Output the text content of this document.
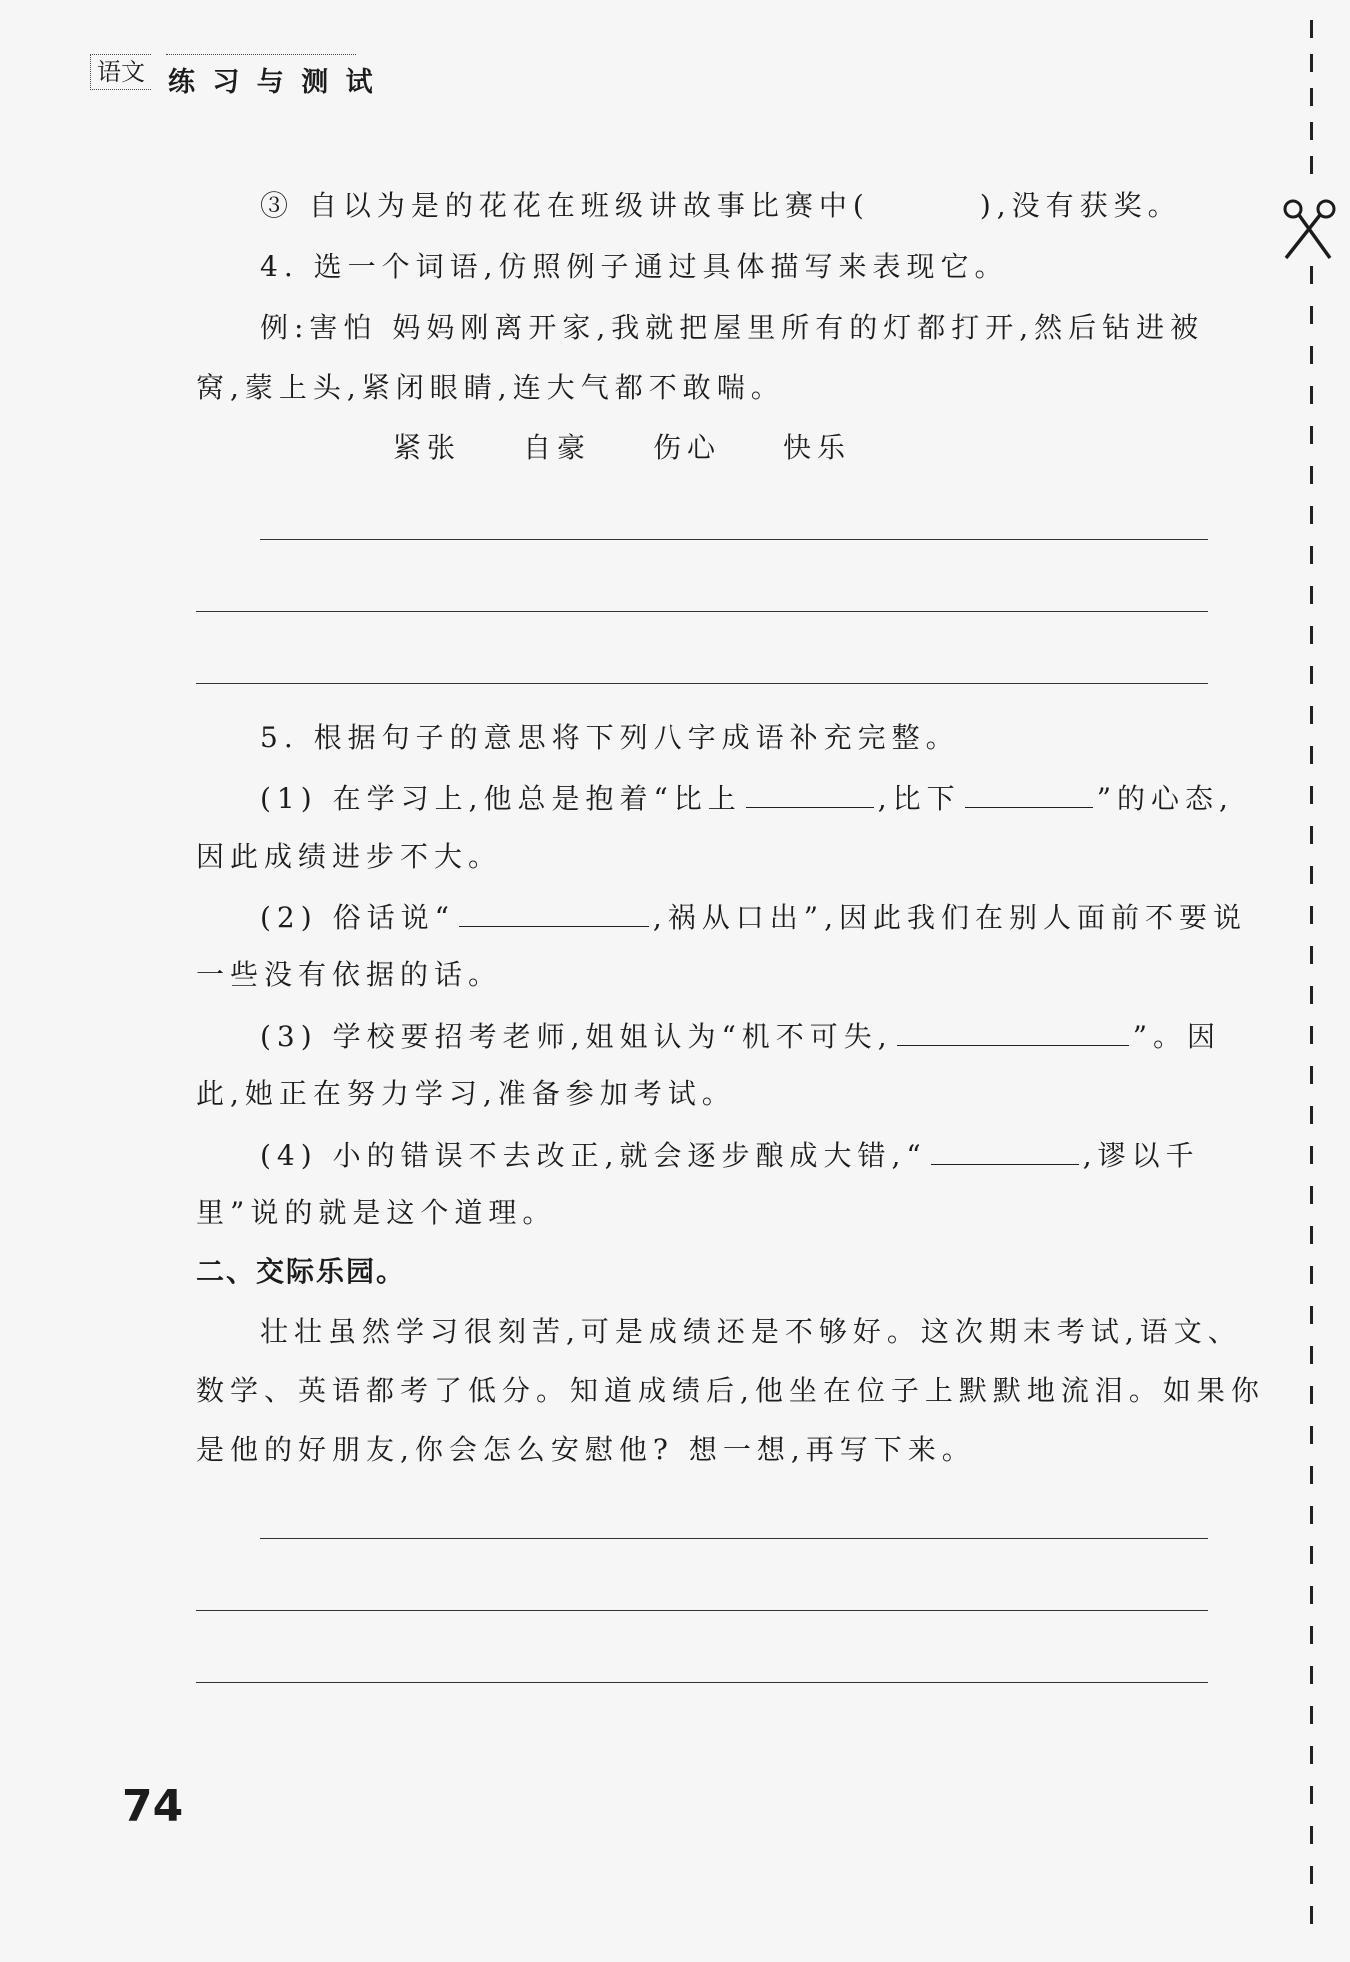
语文 练 习 与 测 试
③ 自以为是的花花在班级讲故事比赛中(	),没有获奖。
4. 选一个词语,仿照例子通过具体描写来表现它。
例:害怕 妈妈刚离开家,我就把屋里所有的灯都打开,然后钻进被
窝,蒙上头,紧闭眼睛,连大气都不敢喘。
紧张 自豪 伤心 快乐
5. 根据句子的意思将下列八字成语补充完整。
(1) 在学习上,他总是抱着“比上	,比下	”的心态,
因此成绩进步不大。
(2) 俗话说“	,祸从口出”,因此我们在别人面前不要说
一些没有依据的话。
(3) 学校要招考老师,姐姐认为“机不可失,	”。因
此,她正在努力学习,准备参加考试。
(4) 小的错误不去改正,就会逐步酿成大错,“	,谬以千
里”说的就是这个道理。
二、交际乐园。
壮壮虽然学习很刻苦,可是成绩还是不够好。这次期末考试,语文、
数学、英语都考了低分。知道成绩后,他坐在位子上默默地流泪。如果你
是他的好朋友,你会怎么安慰他? 想一想,再写下来。
74
